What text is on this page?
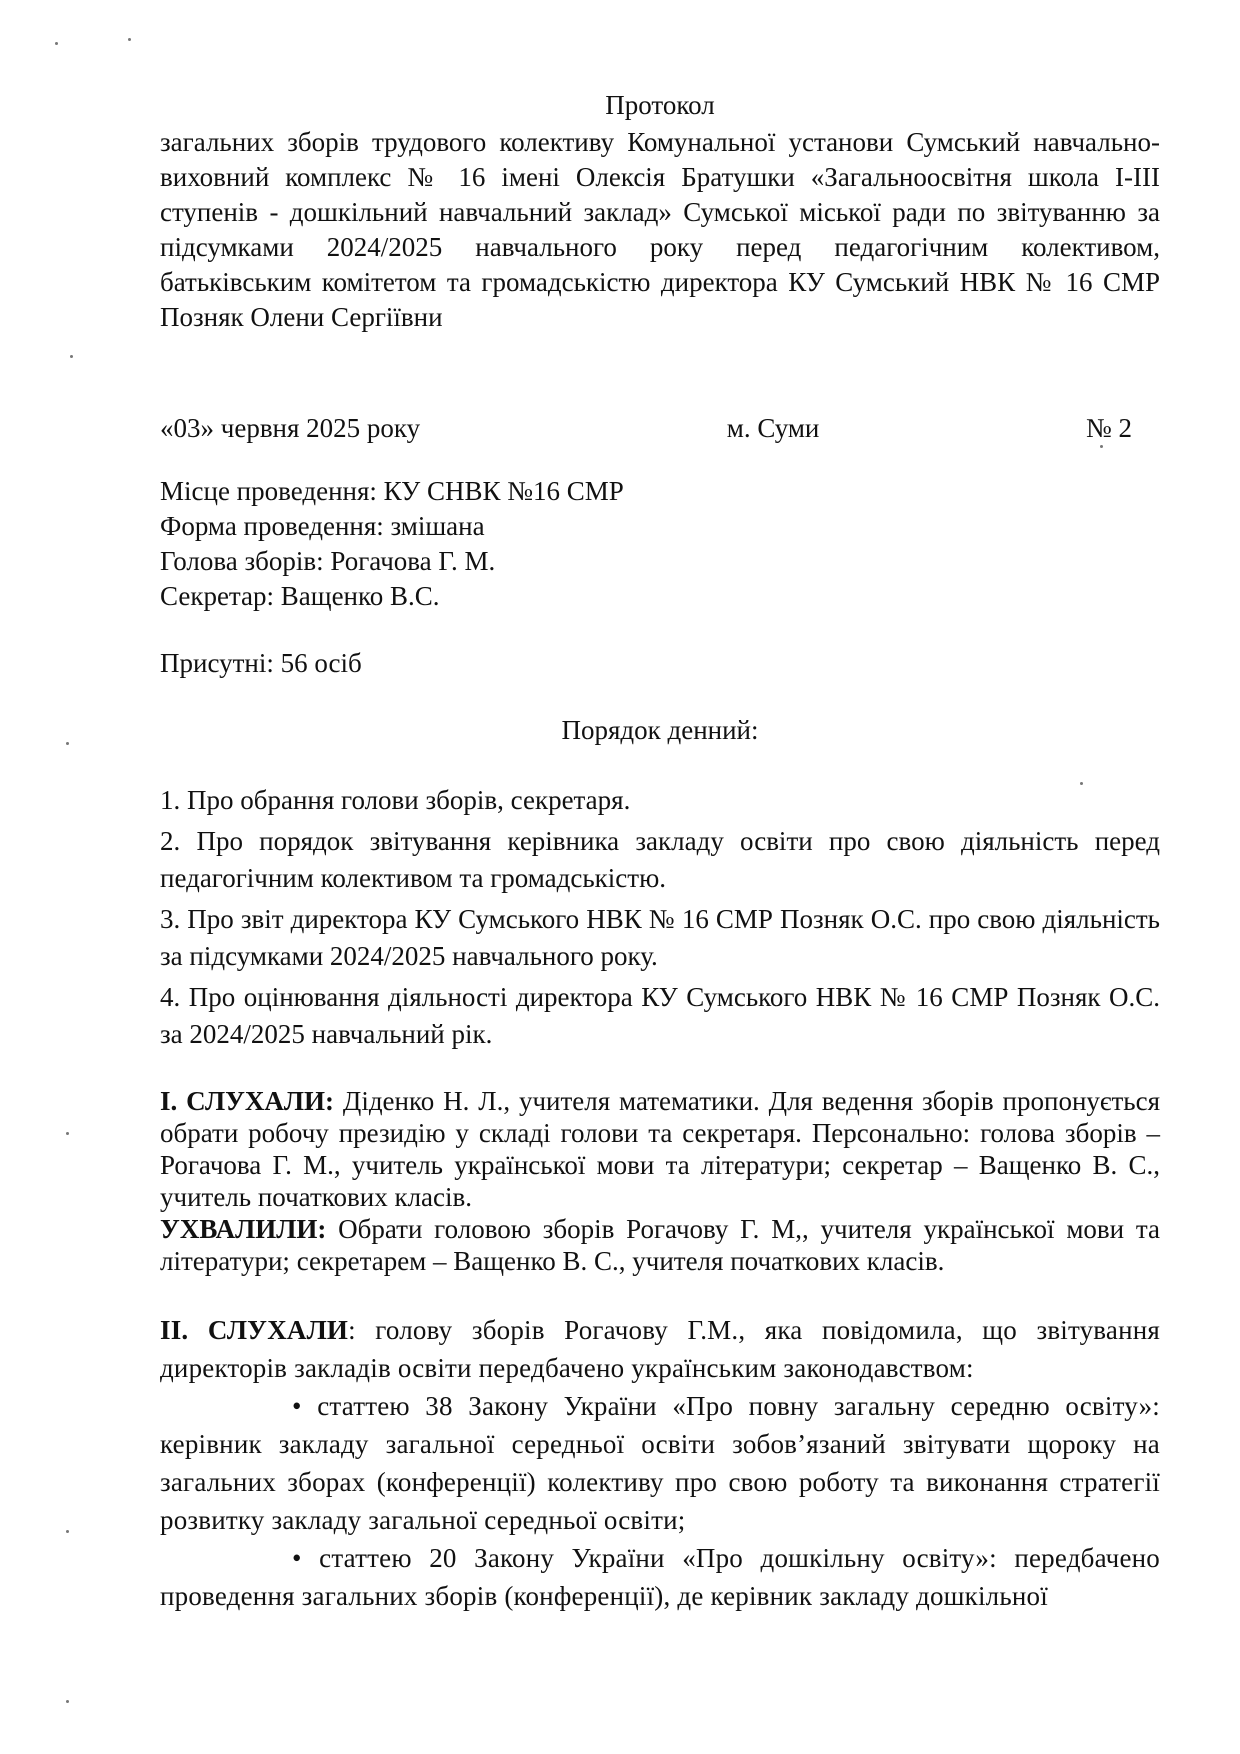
Протокол

загальних зборів трудового колективу Комунальної установи Сумський навчально-виховний комплекс № 16 імені Олексія Братушки «Загальноосвітня школа І-ІІІ ступенів - дошкільний навчальний заклад» Сумської міської ради по звітуванню за підсумками 2024/2025 навчального року перед педагогічним колективом, батьківським комітетом та громадськістю директора КУ Сумський НВК № 16 СМР Позняк Олени Сергіївни

«03» червня 2025 року	м. Суми	№ 2
Місце проведення: КУ СНВК №16 СМР
Форма проведення: змішана
Голова зборів: Рогачова Г. М.
Секретар: Ващенко В.С.
Присутні: 56 осіб
Порядок денний:

1. Про обрання голови зборів, секретаря.

2. Про порядок звітування керівника закладу освіти про свою діяльність перед педагогічним колективом та громадськістю.

3. Про звіт директора КУ Сумського НВК № 16 СМР Позняк О.С. про свою діяльність за підсумками 2024/2025 навчального року.

4. Про оцінювання діяльності директора КУ Сумського НВК № 16 СМР Позняк О.С. за 2024/2025 навчальний рік.

І. СЛУХАЛИ: Діденко Н. Л., учителя математики. Для ведення зборів пропонується обрати робочу президію у складі голови та секретаря. Персонально: голова зборів – Рогачова Г. М., учитель української мови та літератури; секретар – Ващенко В. С., учитель початкових класів.

УХВАЛИЛИ: Обрати головою зборів Рогачову Г. М,, учителя української мови та літератури; секретарем – Ващенко В. С., учителя початкових класів.

ІІ. СЛУХАЛИ: голову зборів Рогачову Г.М., яка повідомила, що звітування директорів закладів освіти передбачено українським законодавством:

• статтею 38 Закону України «Про повну загальну середню освіту»: керівник закладу загальної середньої освіти зобов’язаний звітувати щороку на загальних зборах (конференції) колективу про свою роботу та виконання стратегії розвитку закладу загальної середньої освіти;

• статтею 20 Закону України «Про дошкільну освіту»: передбачено проведення загальних зборів (конференції), де керівник закладу дошкільної
